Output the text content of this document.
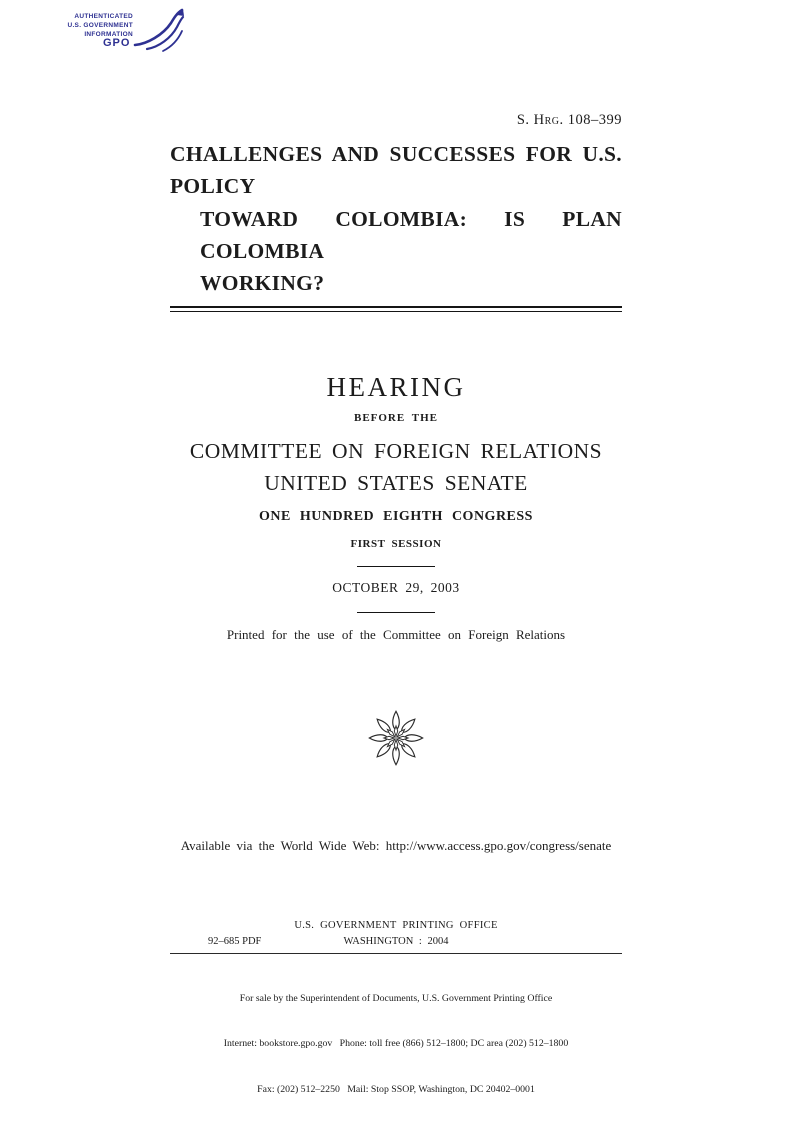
AUTHENTICATED
U.S. GOVERNMENT
INFORMATION
GPO
S. Hrg. 108–399
CHALLENGES AND SUCCESSES FOR U.S. POLICY
TOWARD COLOMBIA: IS PLAN COLOMBIA
WORKING?
HEARING
BEFORE THE
COMMITTEE ON FOREIGN RELATIONS
UNITED STATES SENATE
ONE HUNDRED EIGHTH CONGRESS
FIRST SESSION
OCTOBER 29, 2003
Printed for the use of the Committee on Foreign Relations
Available via the World Wide Web: http://www.access.gpo.gov/congress/senate
U.S. GOVERNMENT PRINTING OFFICE
92–685 PDF	WASHINGTON : 2004

For sale by the Superintendent of Documents, U.S. Government Printing Office

Internet: bookstore.gpo.gov   Phone: toll free (866) 512–1800; DC area (202) 512–1800

Fax: (202) 512–2250   Mail: Stop SSOP, Washington, DC 20402–0001
